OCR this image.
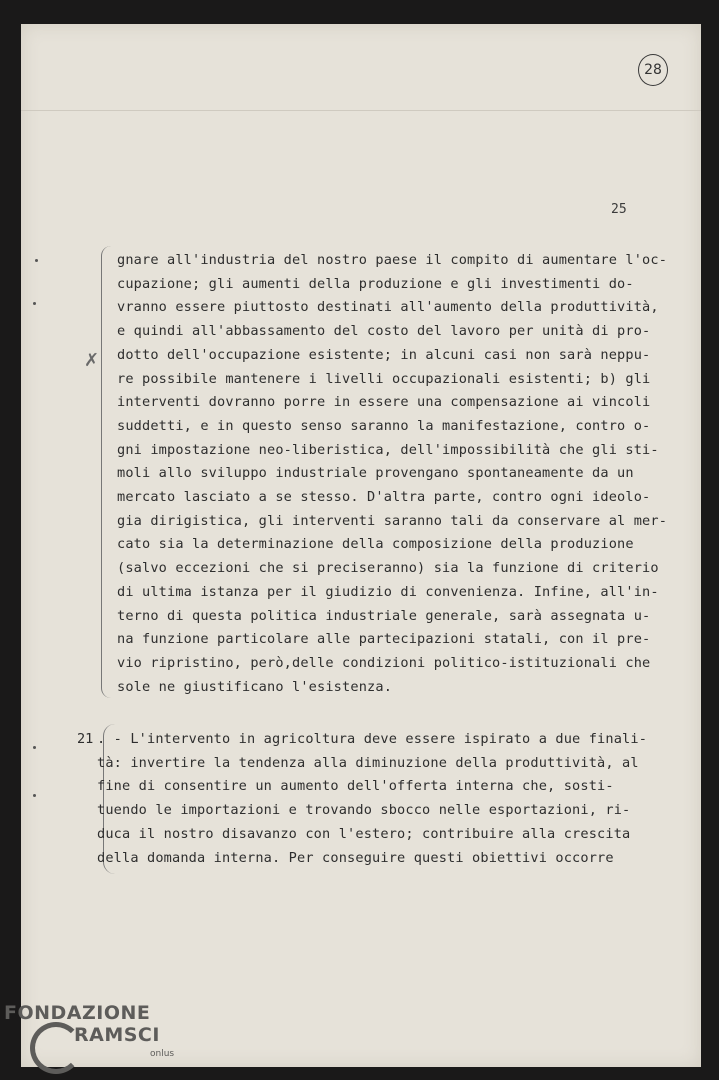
28
25
✗
21
gnare all'industria del nostro paese il compito di aumentare l'oc-
cupazione; gli aumenti della produzione e gli investimenti do-
vranno essere piuttosto destinati all'aumento della produttività,
e quindi all'abbassamento del costo del lavoro per unità di pro-
dotto dell'occupazione esistente; in alcuni casi non sarà neppu-
re possibile mantenere i livelli occupazionali esistenti; b) gli
interventi dovranno porre in essere una compensazione ai vincoli
suddetti, e in questo senso saranno la manifestazione, contro o-
gni impostazione neo-liberistica, dell'impossibilità che gli sti-
moli allo sviluppo industriale provengano spontaneamente da un
mercato lasciato a se stesso. D'altra parte, contro ogni ideolo-
gia dirigistica, gli interventi saranno tali da conservare al mer-
cato sia la determinazione della composizione della produzione
(salvo eccezioni che si preciseranno) sia la funzione di criterio
di ultima istanza per il giudizio di convenienza. Infine, all'in-
terno di questa politica industriale generale, sarà assegnata u-
na funzione particolare alle partecipazioni statali, con il pre-
vio ripristino, però,delle condizioni politico-istituzionali che
sole ne giustificano l'esistenza.
. - L'intervento in agricoltura deve essere ispirato a due finali-
tà: invertire la tendenza alla diminuzione della produttività, al
fine di consentire un aumento dell'offerta interna che, sosti-
tuendo le importazioni e trovando sbocco nelle esportazioni, ri-
duca il nostro disavanzo con l'estero; contribuire alla crescita
della domanda interna. Per conseguire questi obiettivi occorre
FONDAZIONE
RAMSCI
onlus
